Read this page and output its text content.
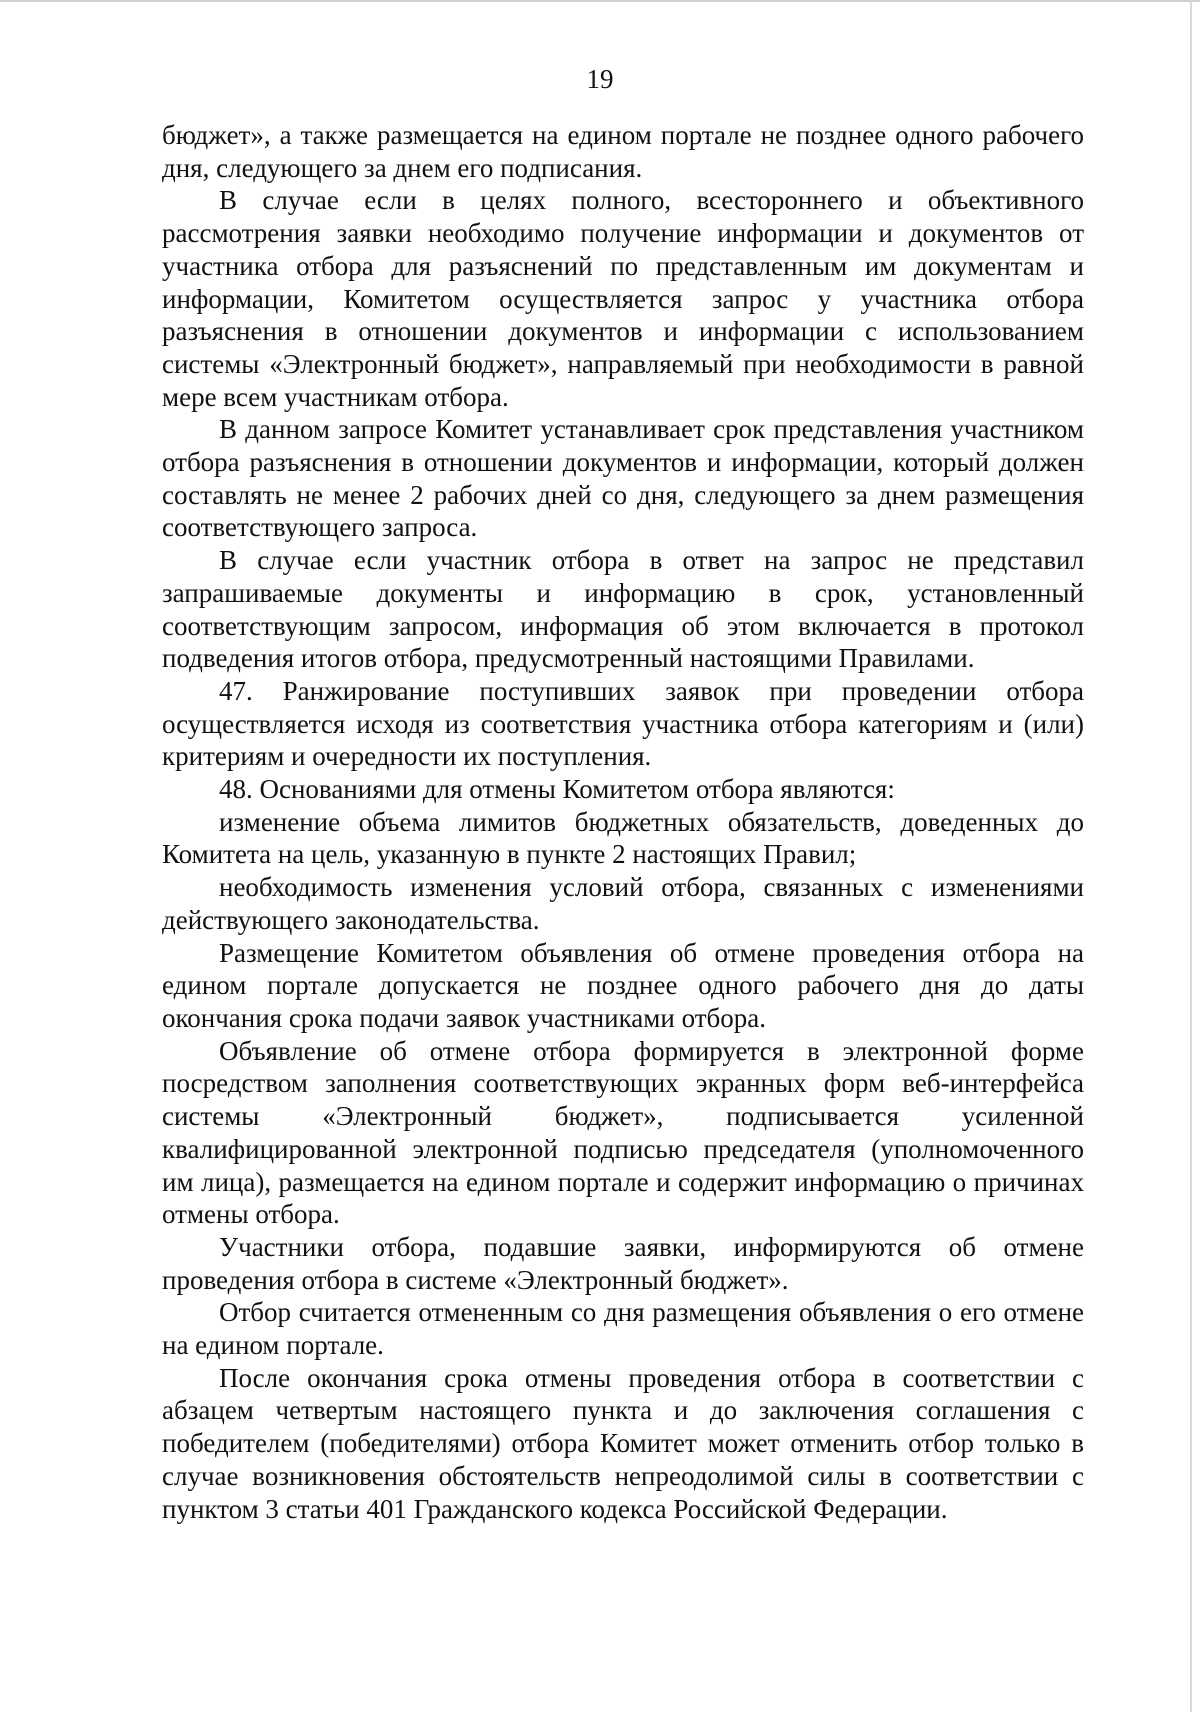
19

бюджет», а также размещается на едином портале не позднее одного рабочего дня, следующего за днем его подписания.

В случае если в целях полного, всестороннего и объективного рассмотрения заявки необходимо получение информации и документов от участника отбора для разъяснений по представленным им документам и информации, Комитетом осуществляется запрос у участника отбора разъяснения в отношении документов и информации с использованием системы «Электронный бюджет», направляемый при необходимости в равной мере всем участникам отбора.

В данном запросе Комитет устанавливает срок представления участником отбора разъяснения в отношении документов и информации, который должен составлять не менее 2 рабочих дней со дня, следующего за днем размещения соответствующего запроса.

В случае если участник отбора в ответ на запрос не представил запрашиваемые документы и информацию в срок, установленный соответствующим запросом, информация об этом включается в протокол подведения итогов отбора, предусмотренный настоящими Правилами.

47. Ранжирование поступивших заявок при проведении отбора осуществляется исходя из соответствия участника отбора категориям и (или) критериям и очередности их поступления.

48. Основаниями для отмены Комитетом отбора являются:

изменение объема лимитов бюджетных обязательств, доведенных до Комитета на цель, указанную в пункте 2 настоящих Правил;

необходимость изменения условий отбора, связанных с изменениями действующего законодательства.

Размещение Комитетом объявления об отмене проведения отбора на едином портале допускается не позднее одного рабочего дня до даты окончания срока подачи заявок участниками отбора.

Объявление об отмене отбора формируется в электронной форме посредством заполнения соответствующих экранных форм веб-интерфейса системы «Электронный бюджет», подписывается усиленной квалифицированной электронной подписью председателя (уполномоченного им лица), размещается на едином портале и содержит информацию о причинах отмены отбора.

Участники отбора, подавшие заявки, информируются об отмене проведения отбора в системе «Электронный бюджет».

Отбор считается отмененным со дня размещения объявления о его отмене на едином портале.

После окончания срока отмены проведения отбора в соответствии с абзацем четвертым настоящего пункта и до заключения соглашения с победителем (победителями) отбора Комитет может отменить отбор только в случае возникновения обстоятельств непреодолимой силы в соответствии с пунктом 3 статьи 401 Гражданского кодекса Российской Федерации.
